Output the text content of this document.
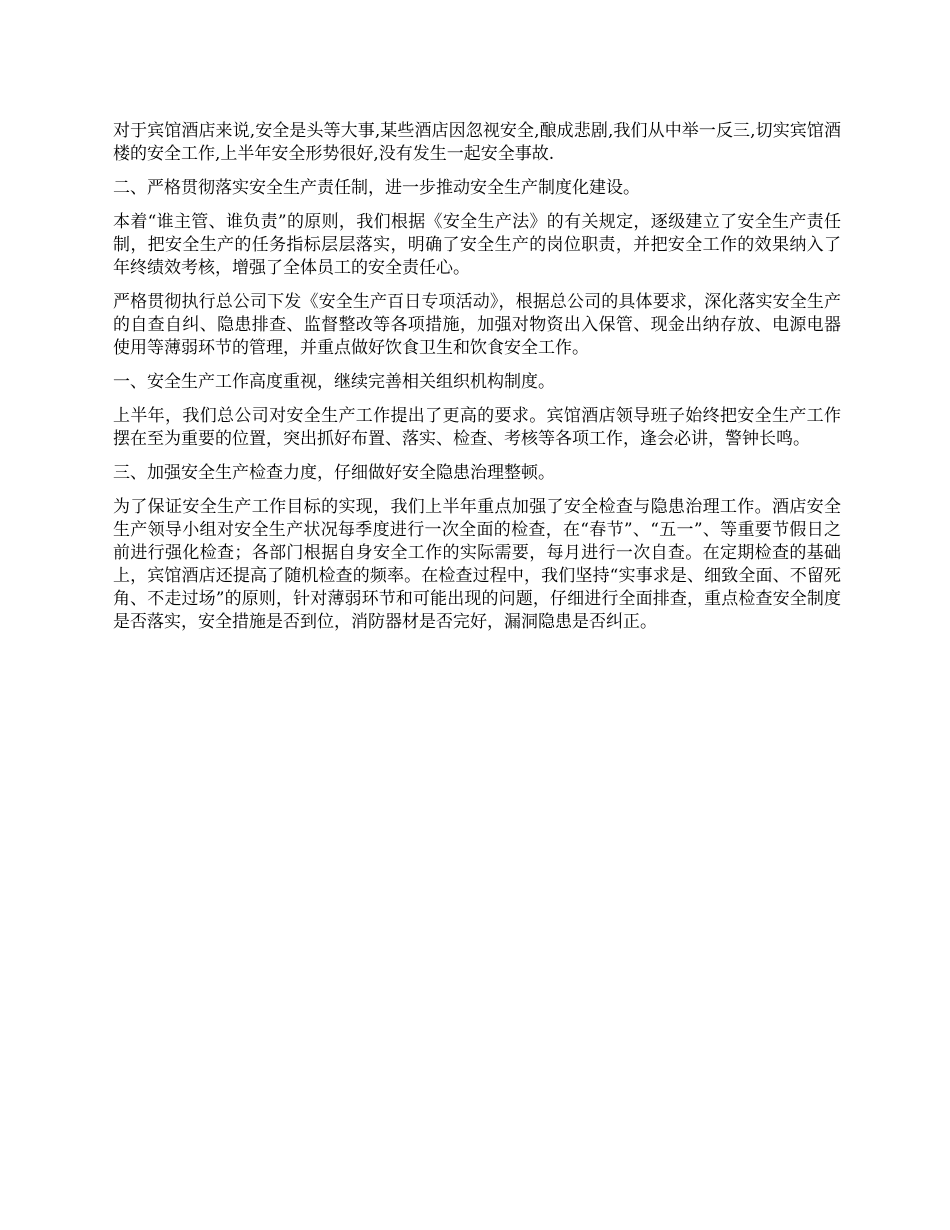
对于宾馆酒店来说,安全是头等大事,某些酒店因忽视安全,酿成悲剧,我们从中举一反三,切实宾馆酒楼的安全工作,上半年安全形势很好,没有发生一起安全事故.

二、严格贯彻落实安全生产责任制，进一步推动安全生产制度化建设。

本着“谁主管、谁负责”的原则，我们根据《安全生产法》的有关规定，逐级建立了安全生产责任制，把安全生产的任务指标层层落实，明确了安全生产的岗位职责，并把安全工作的效果纳入了年终绩效考核，增强了全体员工的安全责任心。

严格贯彻执行总公司下发《安全生产百日专项活动》，根据总公司的具体要求，深化落实安全生产的自查自纠、隐患排查、监督整改等各项措施，加强对物资出入保管、现金出纳存放、电源电器使用等薄弱环节的管理，并重点做好饮食卫生和饮食安全工作。

一、安全生产工作高度重视，继续完善相关组织机构制度。

上半年，我们总公司对安全生产工作提出了更高的要求。宾馆酒店领导班子始终把安全生产工作摆在至为重要的位置，突出抓好布置、落实、检查、考核等各项工作，逢会必讲，警钟长鸣。

三、加强安全生产检查力度，仔细做好安全隐患治理整顿。

为了保证安全生产工作目标的实现，我们上半年重点加强了安全检查与隐患治理工作。酒店安全生产领导小组对安全生产状况每季度进行一次全面的检查，在“春节”、“五一”、等重要节假日之前进行强化检查；各部门根据自身安全工作的实际需要，每月进行一次自查。在定期检查的基础上，宾馆酒店还提高了随机检查的频率。在检查过程中，我们坚持“实事求是、细致全面、不留死角、不走过场”的原则，针对薄弱环节和可能出现的问题，仔细进行全面排查，重点检查安全制度是否落实，安全措施是否到位，消防器材是否完好，漏洞隐患是否纠正。
